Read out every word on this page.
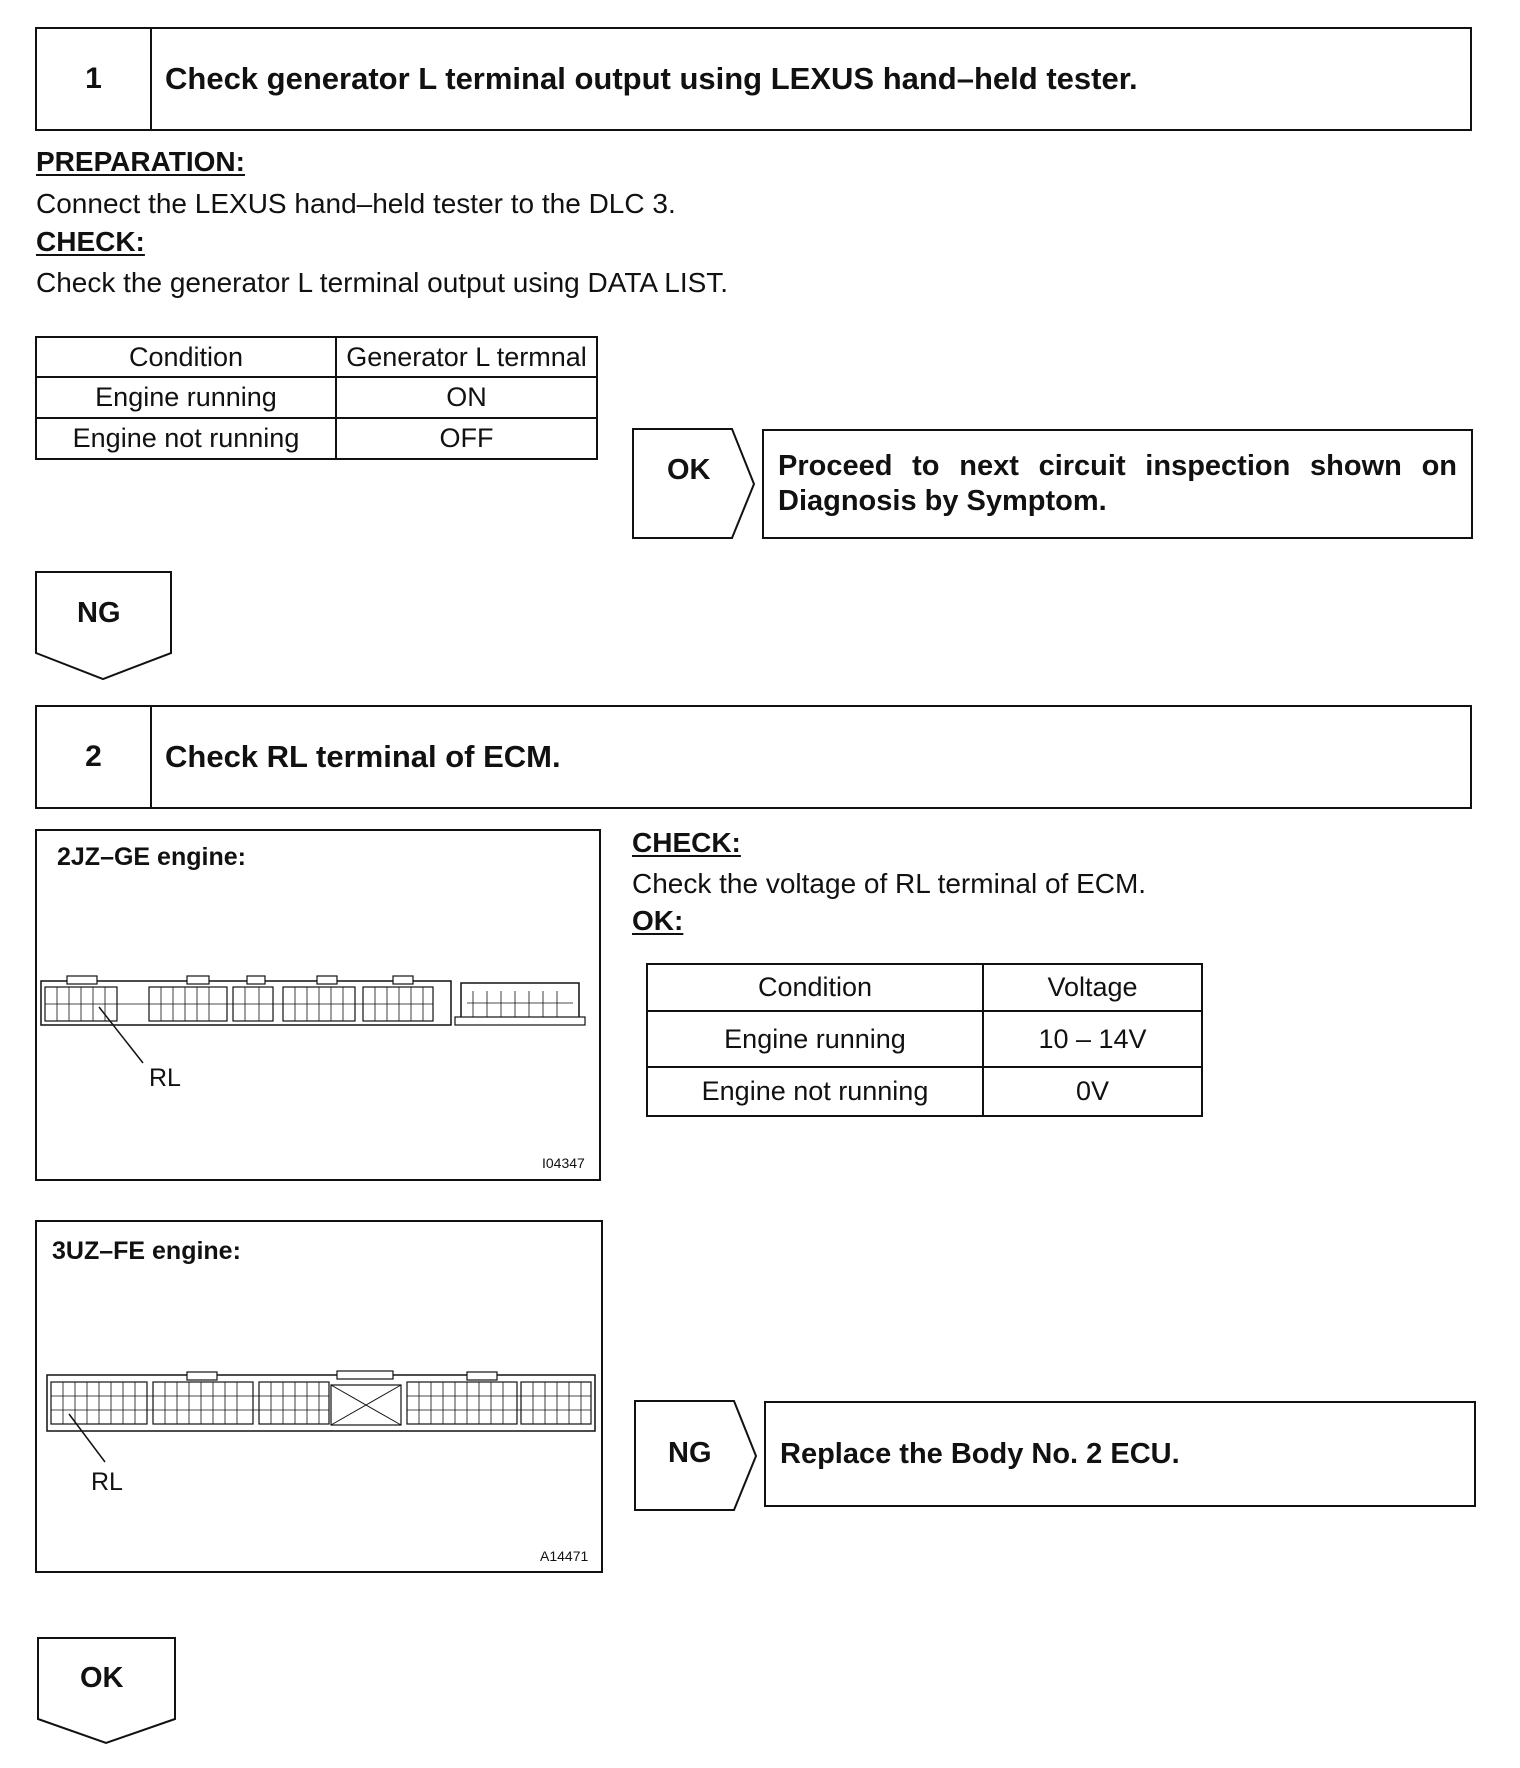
1	Check generator L terminal output using LEXUS hand–held tester.
PREPARATION:
Connect the LEXUS hand–held tester to the DLC 3.
CHECK:
Check the generator L terminal output using DATA LIST.
Condition	Generator L termnal
Engine running	ON
Engine not running	OFF
OK Proceed to next circuit inspection shown on Diagnosis by Symptom.
NG
2	Check RL terminal of ECM.
2JZ–GE engine:
RL
I04347
3UZ–FE engine:
RL
A14471
CHECK:
Check the voltage of RL terminal of ECM.
OK:
Condition	Voltage
Engine running	10 – 14V
Engine not running	0V
NG Replace the Body No. 2 ECU.
OK
